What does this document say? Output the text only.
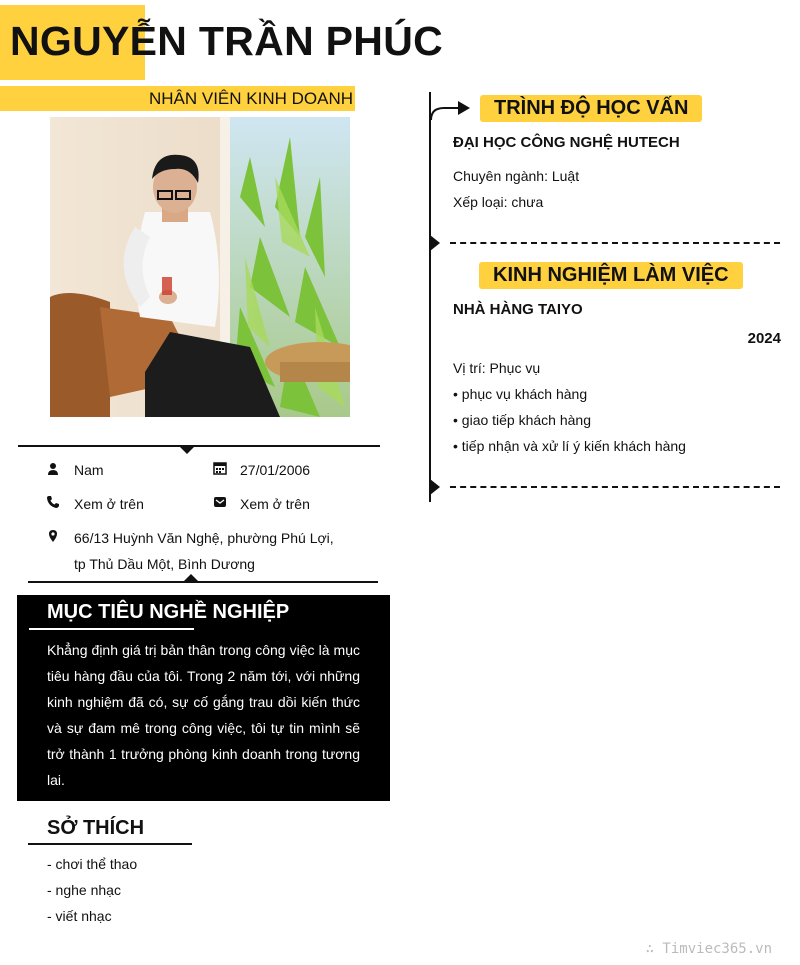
NGUYỄN TRẦN PHÚC
NHÂN VIÊN KINH DOANH
Nam	27/01/2006
Xem ở trên	Xem ở trên
66/13 Huỳnh Văn Nghệ, phường Phú Lợi,
tp Thủ Dầu Một, Bình Dương
MỤC TIÊU NGHỀ NGHIỆP
Khẳng định giá trị bản thân trong công việc là mục tiêu hàng đầu của tôi. Trong 2 năm tới, với những kinh nghiệm đã có, sự cố gắng trau dồi kiến thức và sự đam mê trong công việc, tôi tự tin mình sẽ trở thành 1 trưởng phòng kinh doanh trong tương lai.
SỞ THÍCH
- chơi thể thao
- nghe nhạc
- viết nhạc
TRÌNH ĐỘ HỌC VẤN
ĐẠI HỌC CÔNG NGHỆ HUTECH
Chuyên ngành: Luật
Xếp loại: chưa
KINH NGHIỆM LÀM VIỆC
NHÀ HÀNG TAIYO
2024
Vị trí: Phục vụ
• phục vụ khách hàng
• giao tiếp khách hàng
• tiếp nhận và xử lí ý kiến khách hàng
∴ Timviec365.vn
